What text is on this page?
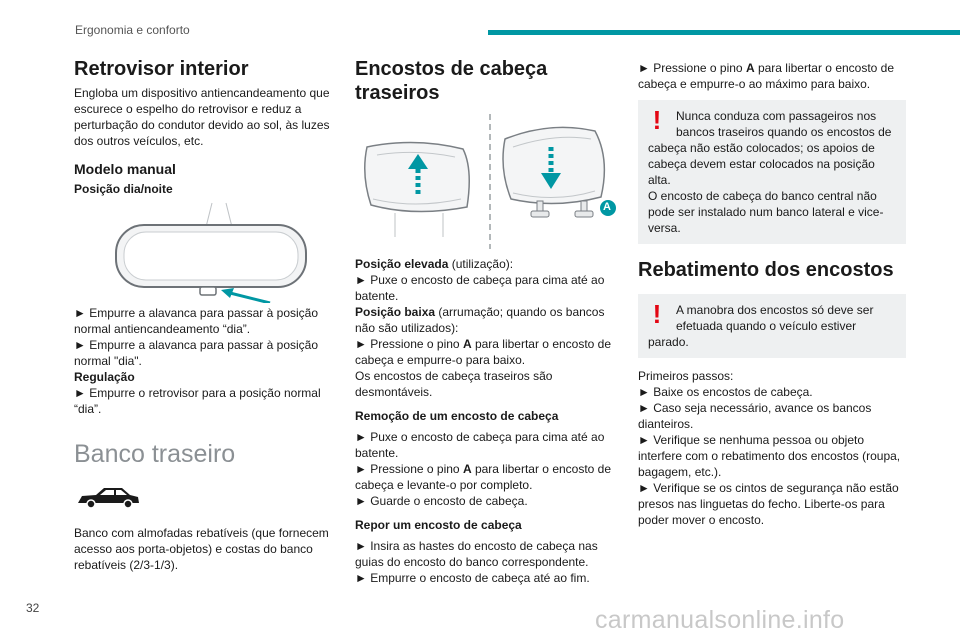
Ergonomia e conforto
Retrovisor interior

Engloba um dispositivo antiencandeamento que escurece o espelho do retrovisor e reduz a perturbação do condutor devido ao sol, às luzes dos outros veículos, etc.

Modelo manual

Posição dia/noite

► Empurre a alavanca para passar à posição normal antiencandeamento “dia”.

► Empurre a alavanca para passar à posição normal "dia".

Regulação

► Empurre o retrovisor para a posição normal “dia”.

Banco traseiro

Banco com almofadas rebatíveis (que fornecem acesso aos porta-objetos) e costas do banco rebatíveis (2/3-1/3).

Encostos de cabeça traseiros
A

Posição elevada (utilização):

► Puxe o encosto de cabeça para cima até ao batente.

Posição baixa (arrumação; quando os bancos não são utilizados):

► Pressione o pino A para libertar o encosto de cabeça e empurre-o para baixo.

Os encostos de cabeça traseiros são desmontáveis.

Remoção de um encosto de cabeça

► Puxe o encosto de cabeça para cima até ao batente.

► Pressione o pino A para libertar o encosto de cabeça e levante-o por completo.

► Guarde o encosto de cabeça.

Repor um encosto de cabeça

► Insira as hastes do encosto de cabeça nas guias do encosto do banco correspondente.

► Empurre o encosto de cabeça até ao fim.

► Pressione o pino A para libertar o encosto de cabeça e empurre-o ao máximo para baixo.

! Nunca conduza com passageiros nos bancos traseiros quando os encostos de cabeça não estão colocados; os apoios de cabeça devem estar colocados na posição alta.
O encosto de cabeça do banco central não pode ser instalado num banco lateral e vice-versa.
Rebatimento dos encostos
! A manobra dos encostos só deve ser efetuada quando o veículo estiver parado.

Primeiros passos:

► Baixe os encostos de cabeça.

► Caso seja necessário, avance os bancos dianteiros.

► Verifique se nenhuma pessoa ou objeto interfere com o rebatimento dos encostos (roupa, bagagem, etc.).

► Verifique se os cintos de segurança não estão presos nas linguetas do fecho. Liberte-os para poder mover o encosto.

32	carmanualsonline.info
